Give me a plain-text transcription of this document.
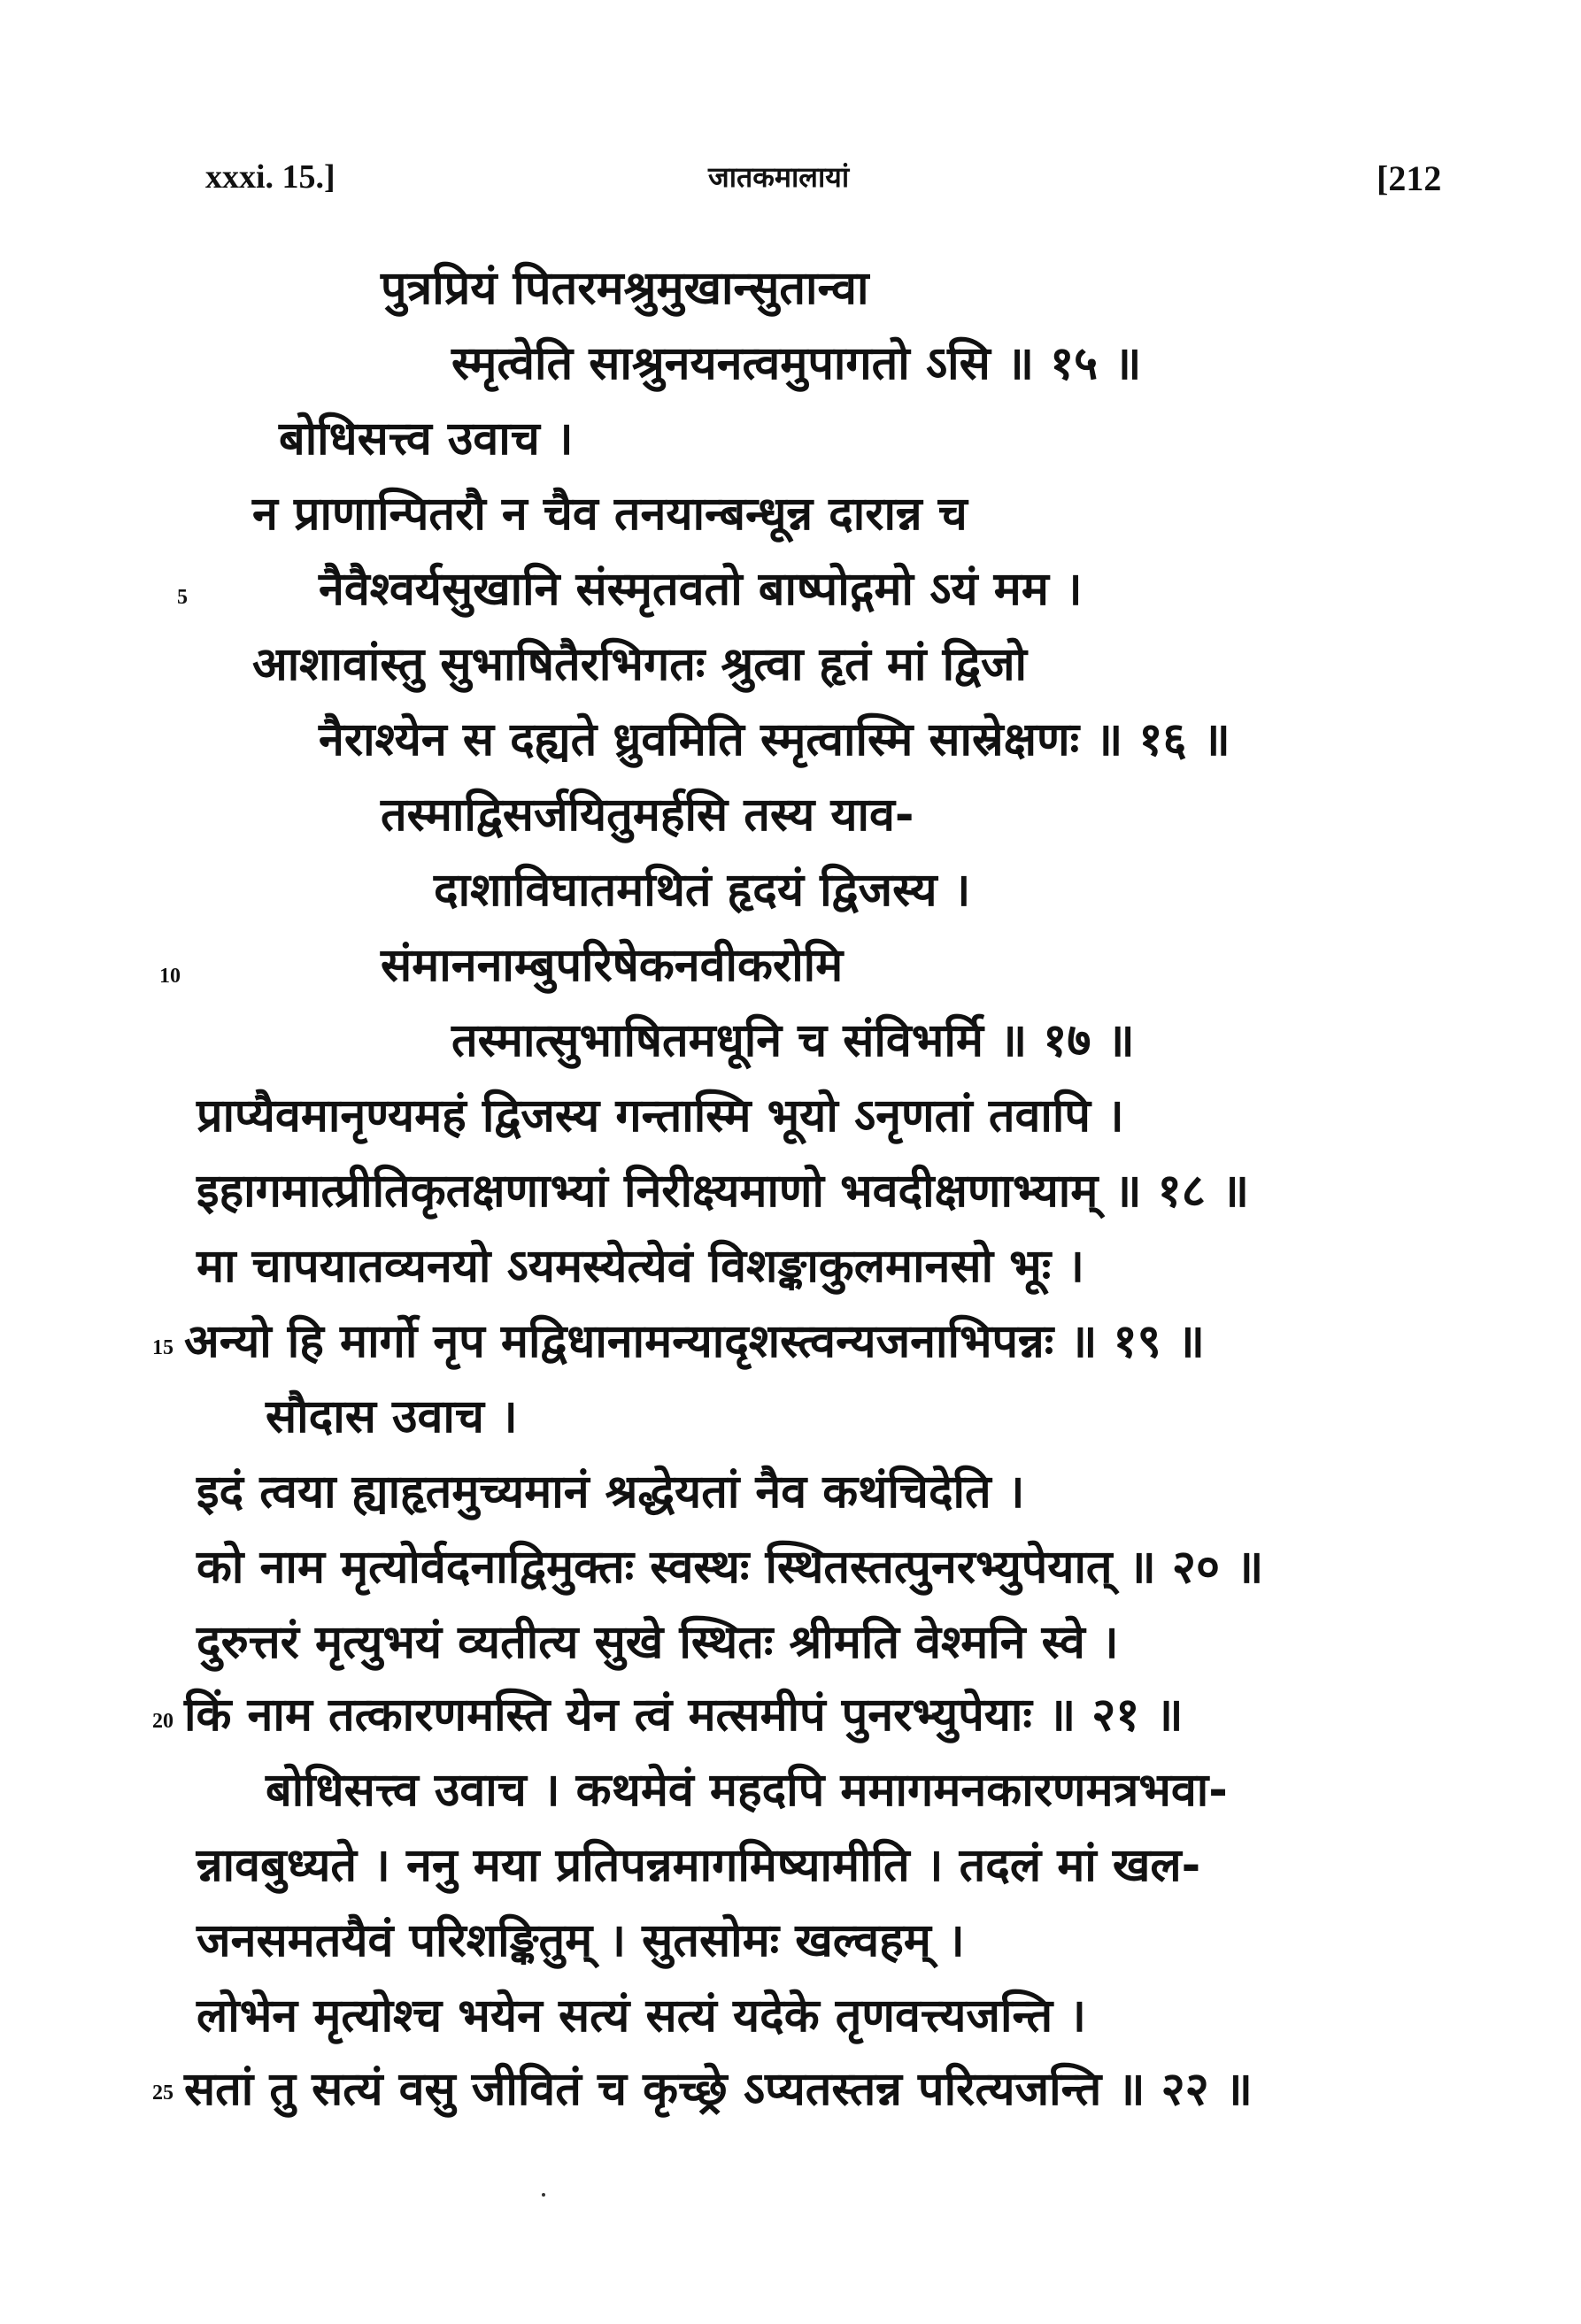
xxxi. 15.]	जातकमालायां	[212
5
10
15
20
25
पुत्रप्रियं पितरमश्रुमुखान्सुतान्वा
स्मृत्वेति साश्रुनयनत्वमुपागतो ऽसि ॥ १५ ॥
बोधिसत्त्व उवाच ।
न प्राणान्पितरौ न चैव तनयान्बन्धून्न दारान्न च
नैवैश्वर्यसुखानि संस्मृतवतो बाष्पोद्गमो ऽयं मम ।
आशावांस्तु सुभाषितैरभिगतः श्रुत्वा हृतं मां द्विजो
नैराश्येन स दह्यते ध्रुवमिति स्मृत्वास्मि सास्रेक्षणः ॥ १६ ॥
तस्माद्विसर्जयितुमर्हसि तस्य याव-
दाशाविघातमथितं हृदयं द्विजस्य ।
संमाननाम्बुपरिषेकनवीकरोमि
तस्मात्सुभाषितमधूनि च संविभर्मि ॥ १७ ॥
प्राप्यैवमानृण्यमहं द्विजस्य गन्तास्मि भूयो ऽनृणतां तवापि ।
इहागमात्प्रीतिकृतक्षणाभ्यां निरीक्ष्यमाणो भवदीक्षणाभ्याम् ॥ १८ ॥
मा चापयातव्यनयो ऽयमस्येत्येवं विशङ्काकुलमानसो भूः ।
अन्यो हि मार्गो नृप मद्विधानामन्यादृशस्त्वन्यजनाभिपन्नः ॥ १९ ॥
सौदास उवाच ।
इदं त्वया ह्याहृतमुच्यमानं श्रद्धेयतां नैव कथंचिदेति ।
को नाम मृत्योर्वदनाद्विमुक्तः स्वस्थः स्थितस्तत्पुनरभ्युपेयात् ॥ २० ॥
दुरुत्तरं मृत्युभयं व्यतीत्य सुखे स्थितः श्रीमति वेश्मनि स्वे ।
किं नाम तत्कारणमस्ति येन त्वं मत्समीपं पुनरभ्युपेयाः ॥ २१ ॥
बोधिसत्त्व उवाच । कथमेवं महदपि ममागमनकारणमत्रभवा-
न्नावबुध्यते । ननु मया प्रतिपन्नमागमिष्यामीति । तदलं मां खल-
जनसमतयैवं परिशङ्कितुम् । सुतसोमः खल्वहम् ।
लोभेन मृत्योश्च भयेन सत्यं सत्यं यदेके तृणवत्त्यजन्ति ।
सतां तु सत्यं वसु जीवितं च कृच्छ्रे ऽप्यतस्तन्न परित्यजन्ति ॥ २२ ॥
